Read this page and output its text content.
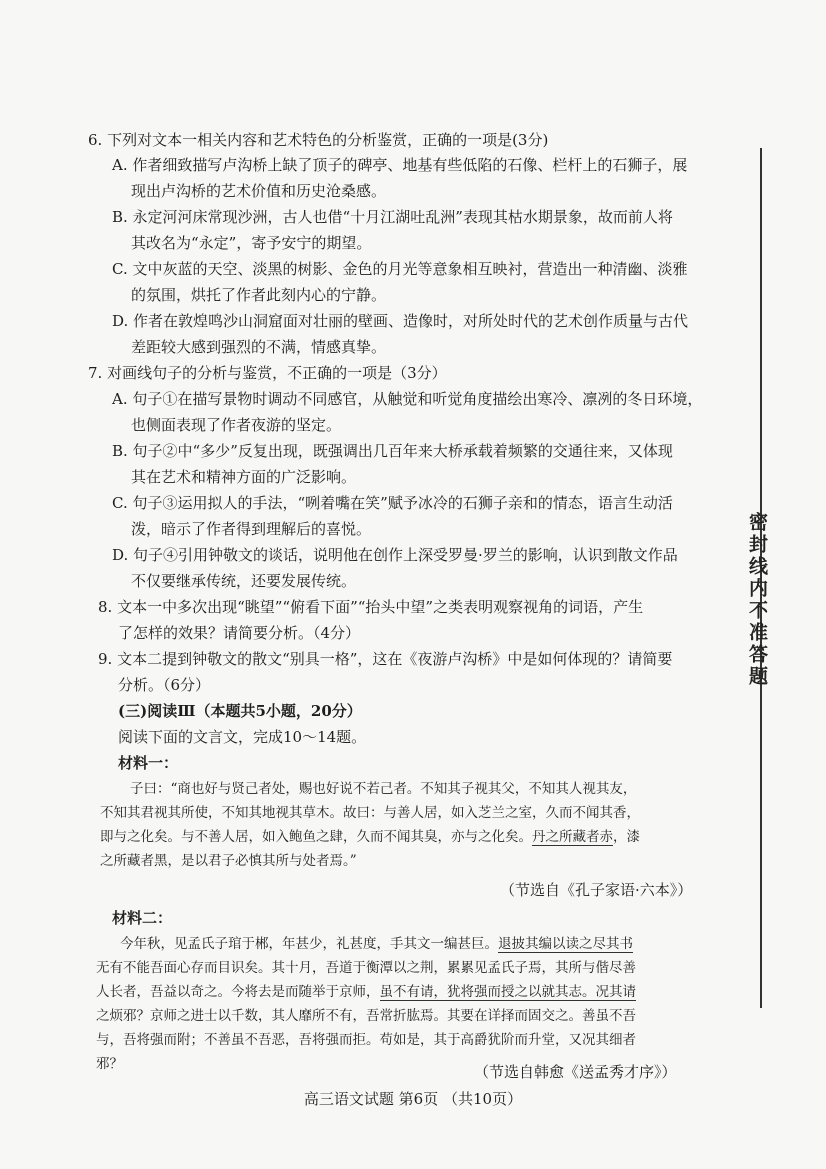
6. 下列对文本一相关内容和艺术特色的分析鉴赏，正确的一项是(3分)
A. 作者细致描写卢沟桥上缺了顶子的碑亭、地基有些低陷的石像、栏杆上的石狮子，展
现出卢沟桥的艺术价值和历史沧桑感。
B. 永定河河床常现沙洲，古人也借“十月江湖吐乱洲”表现其枯水期景象，故而前人将
其改名为“永定”，寄予安宁的期望。
C. 文中灰蓝的天空、淡黑的树影、金色的月光等意象相互映衬，营造出一种清幽、淡雅
的氛围，烘托了作者此刻内心的宁静。
D. 作者在敦煌鸣沙山洞窟面对壮丽的壁画、造像时，对所处时代的艺术创作质量与古代
差距较大感到强烈的不满，情感真挚。
7. 对画线句子的分析与鉴赏，不正确的一项是（3分）
A. 句子①在描写景物时调动不同感官，从触觉和听觉角度描绘出寒冷、凛冽的冬日环境，
也侧面表现了作者夜游的坚定。
B. 句子②中“多少”反复出现，既强调出几百年来大桥承载着频繁的交通往来，又体现
其在艺术和精神方面的广泛影响。
C. 句子③运用拟人的手法，“咧着嘴在笑”赋予冰冷的石狮子亲和的情态，语言生动活
泼，暗示了作者得到理解后的喜悦。
D. 句子④引用钟敬文的谈话，说明他在创作上深受罗曼·罗兰的影响，认识到散文作品
不仅要继承传统，还要发展传统。
8. 文本一中多次出现“眺望”“俯看下面”“抬头中望”之类表明观察视角的词语，产生
了怎样的效果？请简要分析。（4分）
9. 文本二提到钟敬文的散文“别具一格”，这在《夜游卢沟桥》中是如何体现的？请简要
分析。（6分）
(三)阅读Ⅲ（本题共5小题，20分）
阅读下面的文言文，完成10～14题。
材料一：
子曰：“商也好与贤己者处，赐也好说不若己者。不知其子视其父，不知其人视其友，
不知其君视其所使，不知其地视其草木。故曰：与善人居，如入芝兰之室，久而不闻其香，
即与之化矣。与不善人居，如入鲍鱼之肆，久而不闻其臭，亦与之化矣。丹之所藏者赤，漆
之所藏者黑，是以君子必慎其所与处者焉。”
（节选自《孔子家语·六本》）
材料二：
今年秋，见孟氏子琯于郴，年甚少，礼甚度，手其文一编甚巨。退披其编以读之尽其书
无有不能吾面心存而目识矣。其十月，吾道于衡潭以之荆，累累见孟氏子焉，其所与偕尽善
人长者，吾益以奇之。今将去是而随举于京师，虽不有请，犹将强而授之以就其志。况其请
之烦邪？京师之进士以千数，其人靡所不有，吾常折肱焉。其要在详择而固交之。善虽不吾
与，吾将强而附；不善虽不吾恶，吾将强而拒。苟如是，其于高爵犹阶而升堂，又况其细者
邪？	（节选自韩愈《送孟秀才序》）
密封线内不准答题
高三语文试题 第6页 （共10页）
